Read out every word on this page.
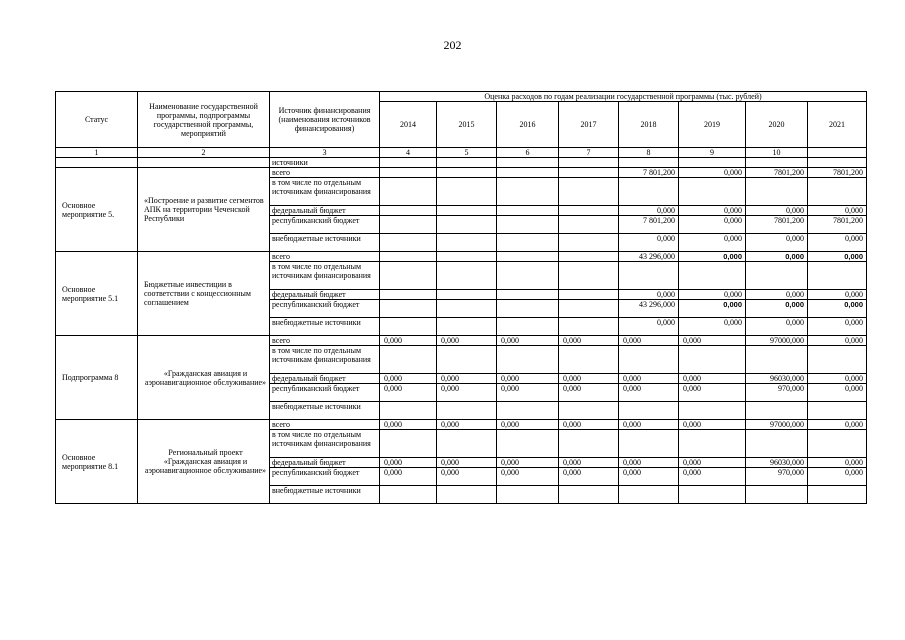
202
Статус	Наименование государственной программы, подпрограммы государственной программы, мероприятий	Источник финансирования (наименования источников финансирования)	Оценка расходов по годам реализации государственной программы (тыс. рублей)							
			2014	2015	2016	2017	2018	2019	2020	2021
1	2	3	4	5	6	7	8	9	10	
		источники								
Основное мероприятие 5.	«Построение и развитие сегментов АПК на территории Чеченской Республики	всего					7 801,200	0,000	7801,200	7801,200
		в том числе по отдельным источникам финансирования								
		федеральный бюджет					0,000	0,000	0,000	0,000
		республиканский бюджет					7 801,200	0,000	7801,200	7801,200
		внебюджетные источники					0,000	0,000	0,000	0,000
Основное мероприятие 5.1	Бюджетные инвестиции в соответствии с концессионным соглашением	всего					43 296,000	0,000	0,000	0,000
		в том числе по отдельным источникам финансирования								
		федеральный бюджет					0,000	0,000	0,000	0,000
		республиканский бюджет					43 296,000	0,000	0,000	0,000
		внебюджетные источники					0,000	0,000	0,000	0,000
Подпрограмма 8	«Гражданская авиация и аэронавигационное обслуживание»	всего	0,000	0,000	0,000	0,000	0,000	0,000	97000,000	0,000
		в том числе по отдельным источникам финансирования								
		федеральный бюджет	0,000	0,000	0,000	0,000	0,000	0,000	96030,000	0,000
		республиканский бюджет	0,000	0,000	0,000	0,000	0,000	0,000	970,000	0,000
		внебюджетные источники								
Основное мероприятие 8.1	Региональный проект «Гражданская авиация и аэронавигационное обслуживание»	всего	0,000	0,000	0,000	0,000	0,000	0,000	97000,000	0,000
		в том числе по отдельным источникам финансирования								
		федеральный бюджет	0,000	0,000	0,000	0,000	0,000	0,000	96030,000	0,000
		республиканский бюджет	0,000	0,000	0,000	0,000	0,000	0,000	970,000	0,000
		внебюджетные источники								
